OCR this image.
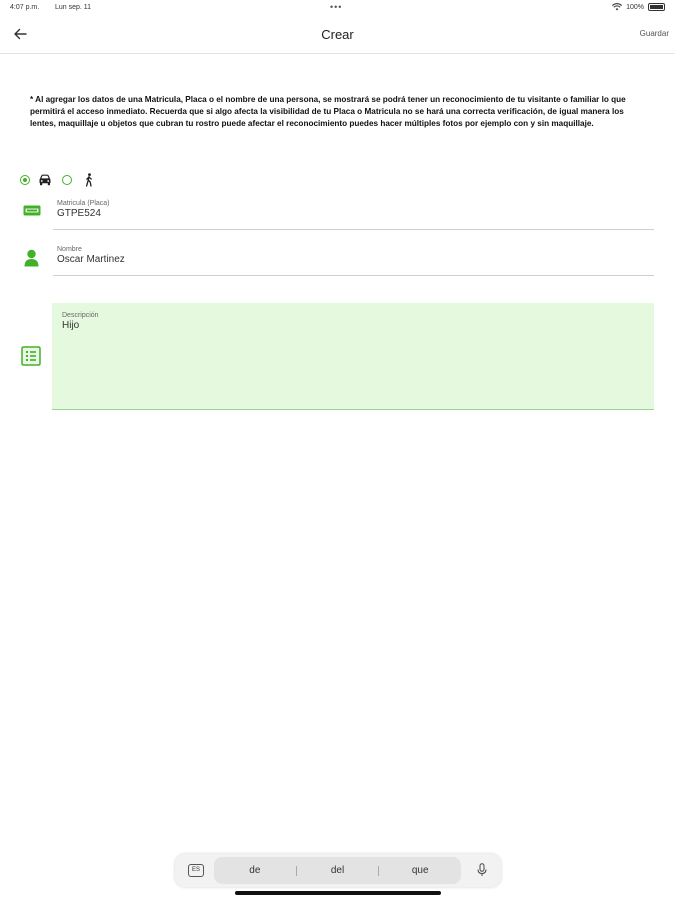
4:07 p.m. Lun sep. 11	•••	100%
Crear	Guardar
* Al agregar los datos de una Matricula, Placa o el nombre de una persona, se mostrará se podrá tener un reconocimiento de tu visitante o familiar lo que permitirá el acceso inmediato. Recuerda que si algo afecta la visibilidad de tu Placa o Matricula no se hará una correcta verificación, de igual manera los lentes, maquillaje u objetos que cubran tu rostro puede afectar el reconocimiento puedes hacer múltiples fotos por ejemplo con y sin maquillaje.
Matricula (Placa)
GTPE524
Nombre
Oscar Martinez
Descripción
Hijo
ES	de	del	que
